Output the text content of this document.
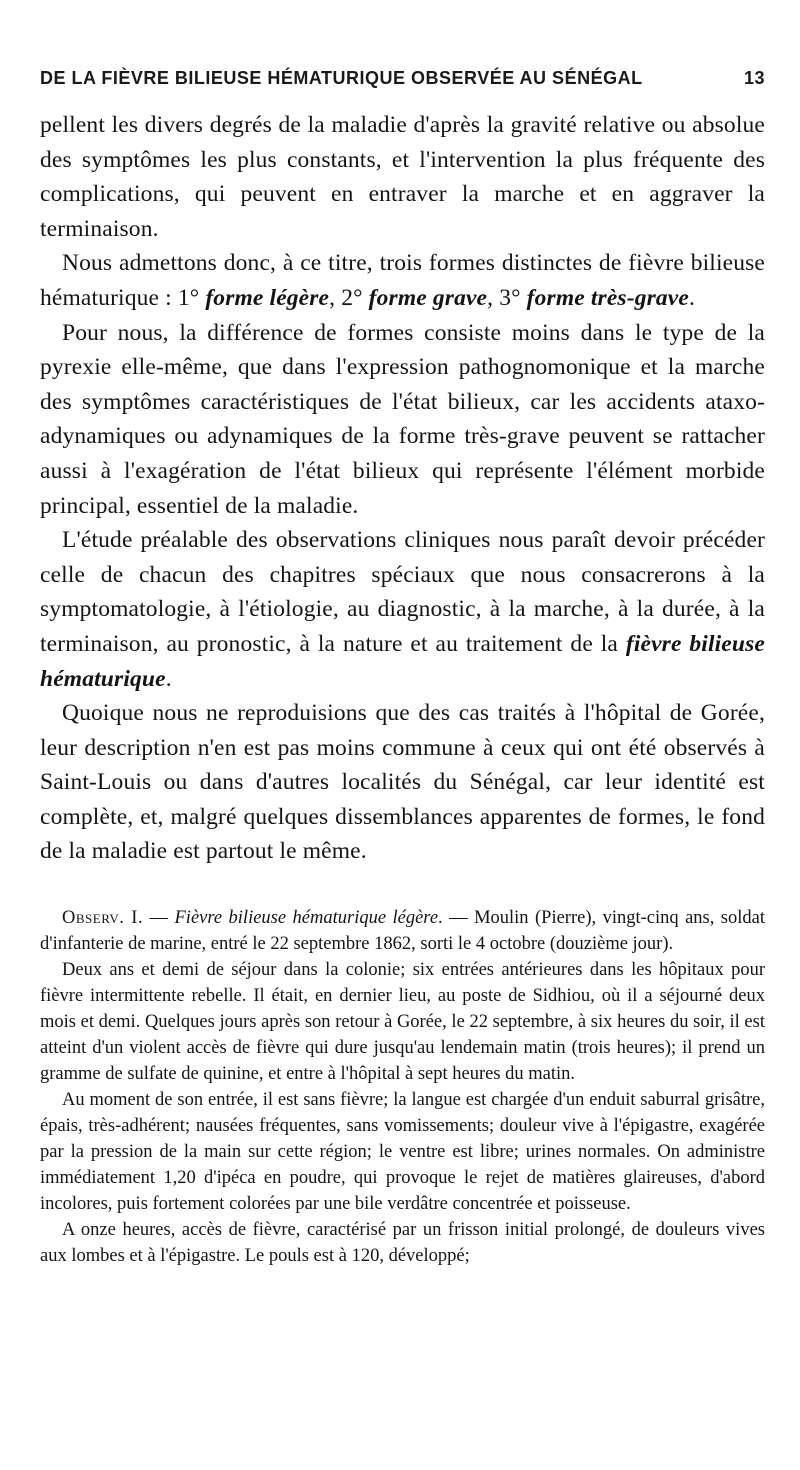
DE LA FIÈVRE BILIEUSE HÉMATURIQUE OBSERVÉE AU SÉNÉGAL	13

pellent les divers degrés de la maladie d'après la gravité relative ou absolue des symptômes les plus constants, et l'intervention la plus fréquente des complications, qui peuvent en entraver la marche et en aggraver la terminaison.

Nous admettons donc, à ce titre, trois formes distinctes de fièvre bilieuse hématurique : 1° forme légère, 2° forme grave, 3° forme très-grave.

Pour nous, la différence de formes consiste moins dans le type de la pyrexie elle-même, que dans l'expression pathognomonique et la marche des symptômes caractéristiques de l'état bilieux, car les accidents ataxo-adynamiques ou adynamiques de la forme très-grave peuvent se rattacher aussi à l'exagération de l'état bilieux qui représente l'élément morbide principal, essentiel de la maladie.

L'étude préalable des observations cliniques nous paraît devoir précéder celle de chacun des chapitres spéciaux que nous consacrerons à la symptomatologie, à l'étiologie, au diagnostic, à la marche, à la durée, à la terminaison, au pronostic, à la nature et au traitement de la fièvre bilieuse hématurique.

Quoique nous ne reproduisions que des cas traités à l'hôpital de Gorée, leur description n'en est pas moins commune à ceux qui ont été observés à Saint-Louis ou dans d'autres localités du Sénégal, car leur identité est complète, et, malgré quelques dissemblances apparentes de formes, le fond de la maladie est partout le même.

Observ. I. — Fièvre bilieuse hématurique légère. — Moulin (Pierre), vingt-cinq ans, soldat d'infanterie de marine, entré le 22 septembre 1862, sorti le 4 octobre (douzième jour).

Deux ans et demi de séjour dans la colonie; six entrées antérieures dans les hôpitaux pour fièvre intermittente rebelle. Il était, en dernier lieu, au poste de Sidhiou, où il a séjourné deux mois et demi. Quelques jours après son retour à Gorée, le 22 septembre, à six heures du soir, il est atteint d'un violent accès de fièvre qui dure jusqu'au lendemain matin (trois heures); il prend un gramme de sulfate de quinine, et entre à l'hôpital à sept heures du matin.

Au moment de son entrée, il est sans fièvre; la langue est chargée d'un enduit saburral grisâtre, épais, très-adhérent; nausées fréquentes, sans vomissements; douleur vive à l'épigastre, exagérée par la pression de la main sur cette région; le ventre est libre; urines normales. On administre immédiatement 1,20 d'ipéca en poudre, qui provoque le rejet de matières glaireuses, d'abord incolores, puis fortement colorées par une bile verdâtre concentrée et poisseuse.

A onze heures, accès de fièvre, caractérisé par un frisson initial prolongé, de douleurs vives aux lombes et à l'épigastre. Le pouls est à 120, développé;
